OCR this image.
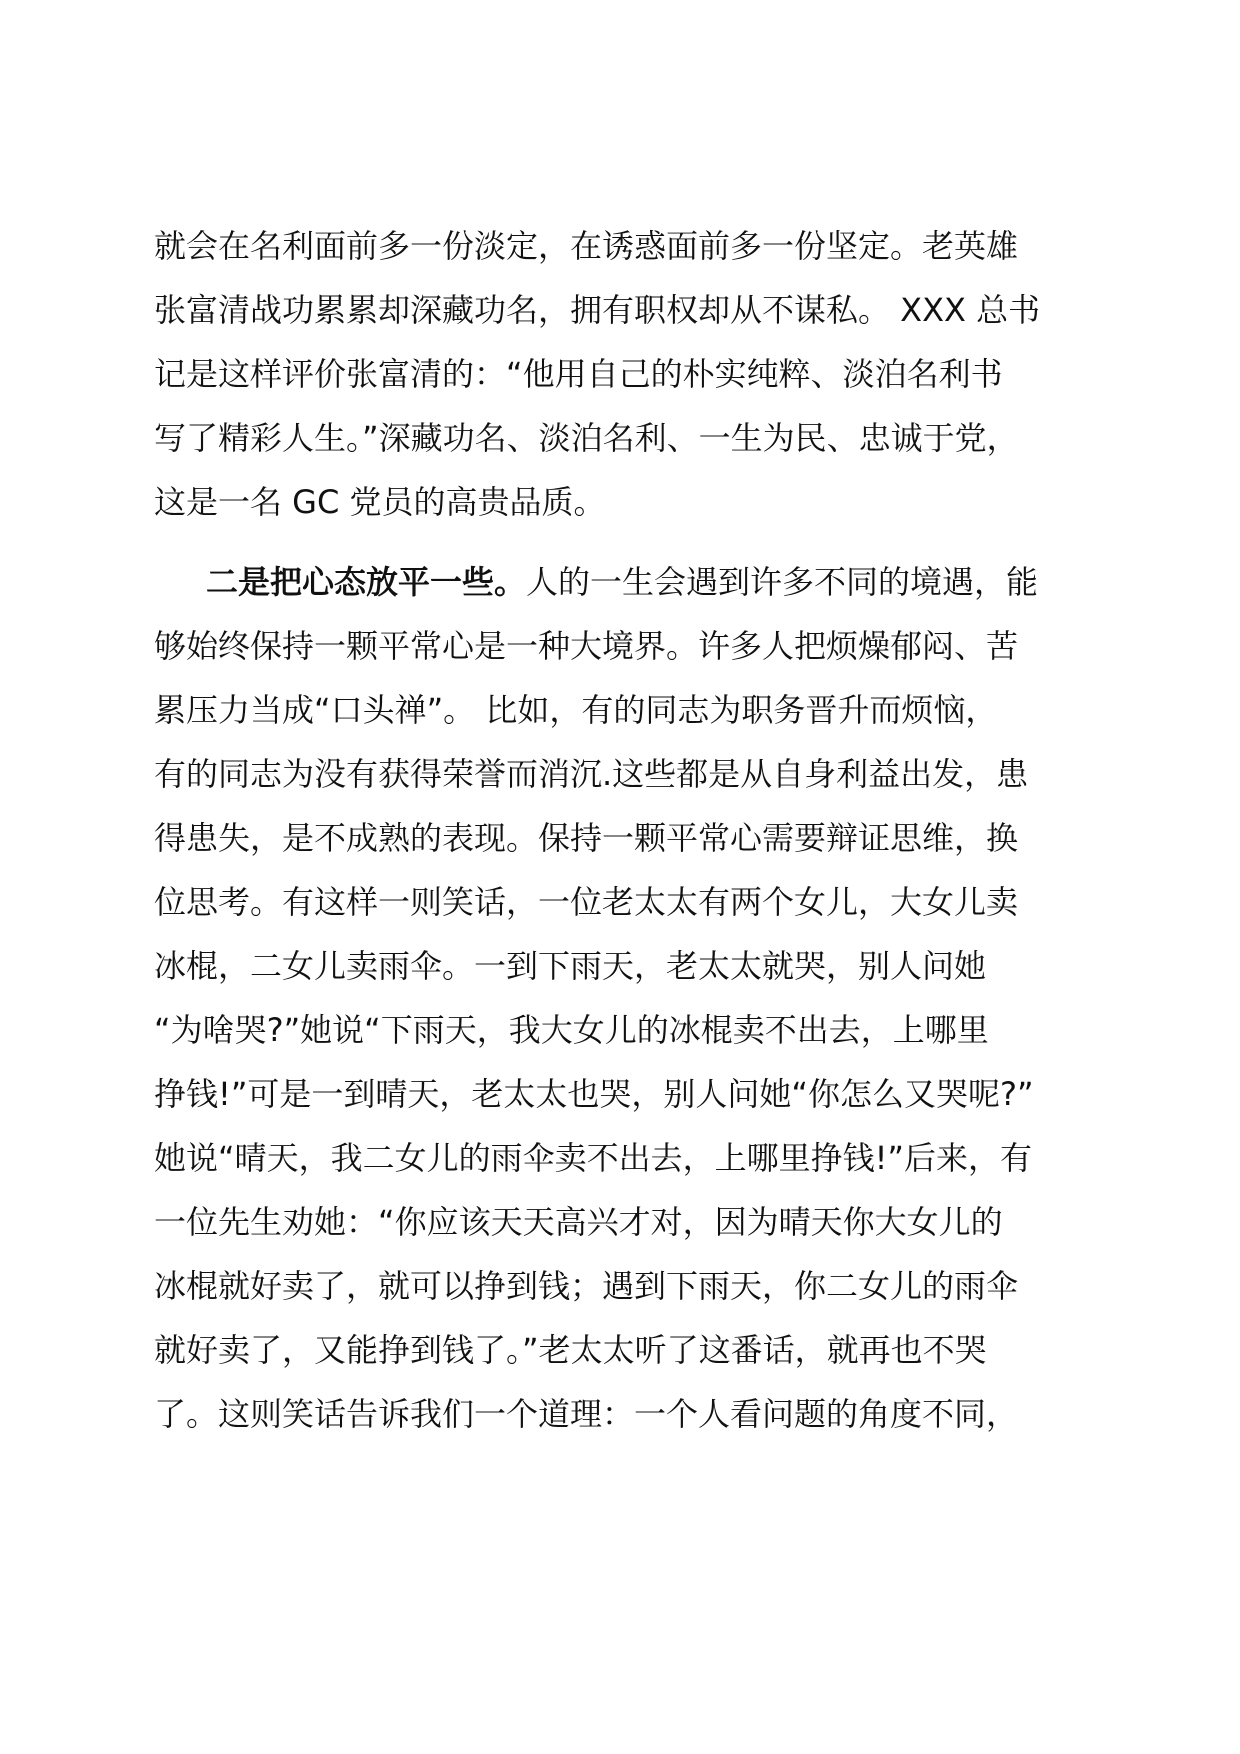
就会在名利面前多一份淡定，在诱惑面前多一份坚定。老英雄
张富清战功累累却深藏功名，拥有职权却从不谋私。 XXX 总书
记是这样评价张富清的：“他用自己的朴实纯粹、淡泊名利书
写了精彩人生。”深藏功名、淡泊名利、一生为民、忠诚于党，
这是一名 GC 党员的高贵品质。
二是把心态放平一些。人的一生会遇到许多不同的境遇，能
够始终保持一颗平常心是一种大境界。许多人把烦燥郁闷、苦
累压力当成“口头禅”。 比如，有的同志为职务晋升而烦恼，
有的同志为没有获得荣誉而消沉.这些都是从自身利益出发，患
得患失，是不成熟的表现。保持一颗平常心需要辩证思维，换
位思考。有这样一则笑话，一位老太太有两个女儿，大女儿卖
冰棍，二女儿卖雨伞。一到下雨天，老太太就哭，别人问她
“为啥哭?”她说“下雨天，我大女儿的冰棍卖不出去，上哪里
挣钱!”可是一到晴天，老太太也哭，别人问她“你怎么又哭呢?”
她说“晴天，我二女儿的雨伞卖不出去，上哪里挣钱!”后来，有
一位先生劝她：“你应该天天高兴才对，因为晴天你大女儿的
冰棍就好卖了，就可以挣到钱；遇到下雨天，你二女儿的雨伞
就好卖了，又能挣到钱了。”老太太听了这番话，就再也不哭
了。这则笑话告诉我们一个道理：一个人看问题的角度不同，
